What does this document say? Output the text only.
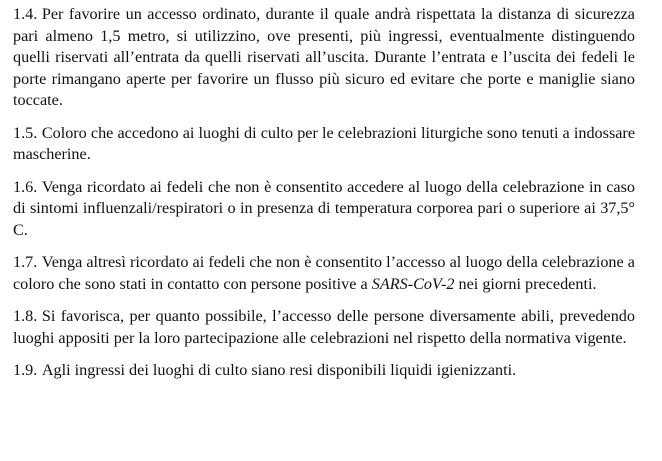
1.4. Per favorire un accesso ordinato, durante il quale andrà rispettata la distanza di sicurezza pari almeno 1,5 metro, si utilizzino, ove presenti, più ingressi, eventualmente distinguendo quelli riservati all’entrata da quelli riservati all’uscita. Durante l’entrata e l’uscita dei fedeli le porte rimangano aperte per favorire un flusso più sicuro ed evitare che porte e maniglie siano toccate.

1.5. Coloro che accedono ai luoghi di culto per le celebrazioni liturgiche sono tenuti a indossare mascherine.

1.6. Venga ricordato ai fedeli che non è consentito accedere al luogo della celebrazione in caso di sintomi influenzali/respiratori o in presenza di temperatura corporea pari o superiore ai 37,5° C.

1.7. Venga altresì ricordato ai fedeli che non è consentito l’accesso al luogo della celebrazione a coloro che sono stati in contatto con persone positive a SARS-CoV-2 nei giorni precedenti.

1.8. Si favorisca, per quanto possibile, l’accesso delle persone diversamente abili, prevedendo luoghi appositi per la loro partecipazione alle celebrazioni nel rispetto della normativa vigente.

1.9. Agli ingressi dei luoghi di culto siano resi disponibili liquidi igienizzanti.
